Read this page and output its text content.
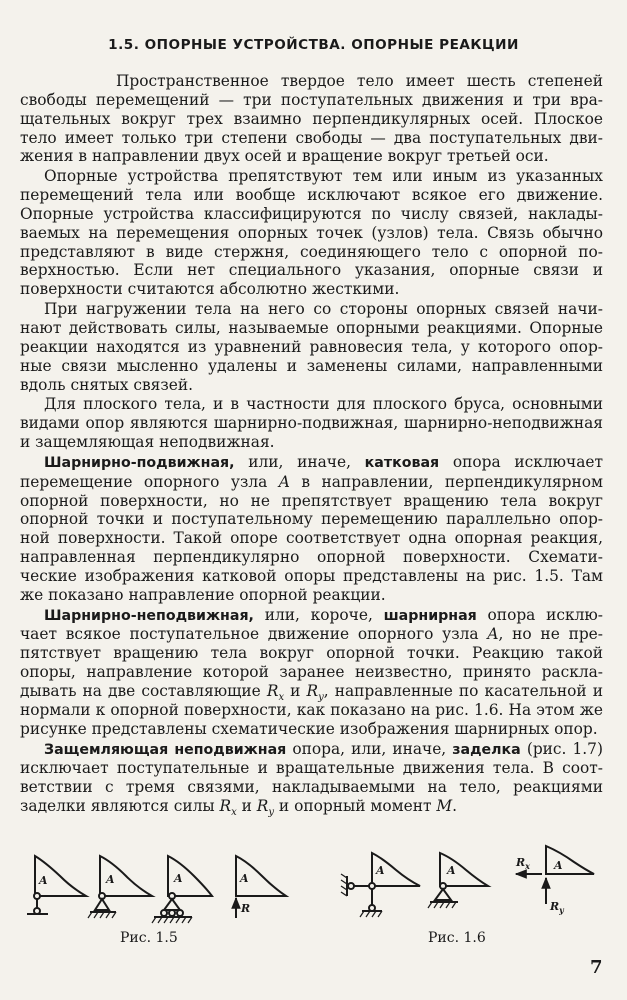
1.5. ОПОРНЫЕ УСТРОЙСТВА. ОПОРНЫЕ РЕАКЦИИ

Пространственное твердое тело имеет шесть степеней свободы перемещений — три поступательных движения и три вращательных вокруг трех взаимно перпендикулярных осей. Плоское тело имеет только три степени свободы — два поступательных движения в направлении двух осей и вращение вокруг третьей оси.

Опорные устройства препятствуют тем или иным из указанных перемещений тела или вообще исключают всякое его движение. Опорные устройства классифицируются по числу связей, накладываемых на перемещения опорных точек (узлов) тела. Связь обычно представляют в виде стержня, соединяющего тело с опорной поверхностью. Если нет специального указания, опорные связи и поверхности считаются абсолютно жесткими.

При нагружении тела на него со стороны опорных связей начинают действовать силы, называемые опорными реакциями. Опорные реакции находятся из уравнений равновесия тела, у которого опорные связи мысленно удалены и заменены силами, направленными вдоль снятых связей.

Для плоского тела, и в частности для плоского бруса, основными видами опор являются шарнирно-подвижная, шарнирно-неподвижная и защемляющая неподвижная.

Шарнирно-подвижная, или, иначе, катковая опора исключает перемещение опорного узла A в направлении, перпендикулярном опорной поверхности, но не препятствует вращению тела вокруг опорной точки и поступательному перемещению параллельно опорной поверхности. Такой опоре соответствует одна опорная реакция, направленная перпендикулярно опорной поверхности. Схематические изображения катковой опоры представлены на рис. 1.5. Там же показано направление опорной реакции.

Шарнирно-неподвижная, или, короче, шарнирная опора исключает всякое поступательное движение опорного узла A, но не препятствует вращению тела вокруг опорной точки. Реакцию такой опоры, направление которой заранее неизвестно, принято раскладывать на две составляющие $R_x$ и $R_y$, направленные по касательной и нормали к опорной поверхности, как показано на рис. 1.6. На этом же рисунке представлены схематические изображения шарнирных опор.

Защемляющая неподвижная опора, или, иначе, заделка (рис. 1.7) исключает поступательные и вращательные движения тела. В соответствии с тремя связями, накладываемыми на тело, реакциями заделки являются силы $R_x$ и $R_y$ и опорный момент M.

A	A	A	A
R
A	A	A
$R_x$
$R_y$
Рис. 1.5	Рис. 1.6
7
